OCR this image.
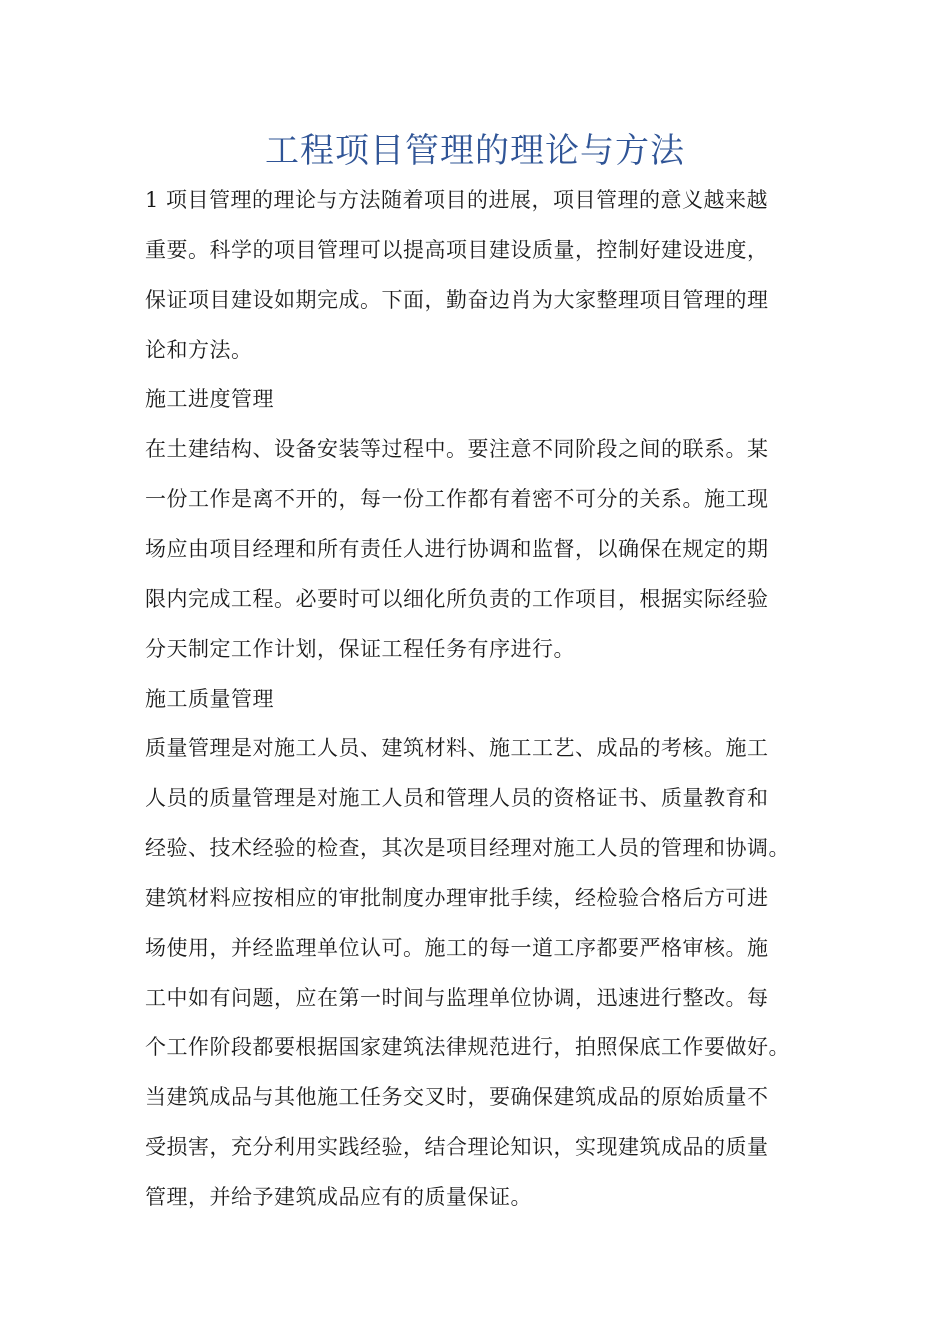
工程项目管理的理论与方法
1 项目管理的理论与方法随着项目的进展，项目管理的意义越来越
重要。科学的项目管理可以提高项目建设质量，控制好建设进度，
保证项目建设如期完成。下面，勤奋边肖为大家整理项目管理的理
论和方法。
施工进度管理
在土建结构、设备安装等过程中。要注意不同阶段之间的联系。某
一份工作是离不开的，每一份工作都有着密不可分的关系。施工现
场应由项目经理和所有责任人进行协调和监督，以确保在规定的期
限内完成工程。必要时可以细化所负责的工作项目，根据实际经验
分天制定工作计划，保证工程任务有序进行。
施工质量管理
质量管理是对施工人员、建筑材料、施工工艺、成品的考核。施工
人员的质量管理是对施工人员和管理人员的资格证书、质量教育和
经验、技术经验的检查，其次是项目经理对施工人员的管理和协调。
建筑材料应按相应的审批制度办理审批手续，经检验合格后方可进
场使用，并经监理单位认可。施工的每一道工序都要严格审核。施
工中如有问题，应在第一时间与监理单位协调，迅速进行整改。每
个工作阶段都要根据国家建筑法律规范进行，拍照保底工作要做好。
当建筑成品与其他施工任务交叉时，要确保建筑成品的原始质量不
受损害，充分利用实践经验，结合理论知识，实现建筑成品的质量
管理，并给予建筑成品应有的质量保证。
